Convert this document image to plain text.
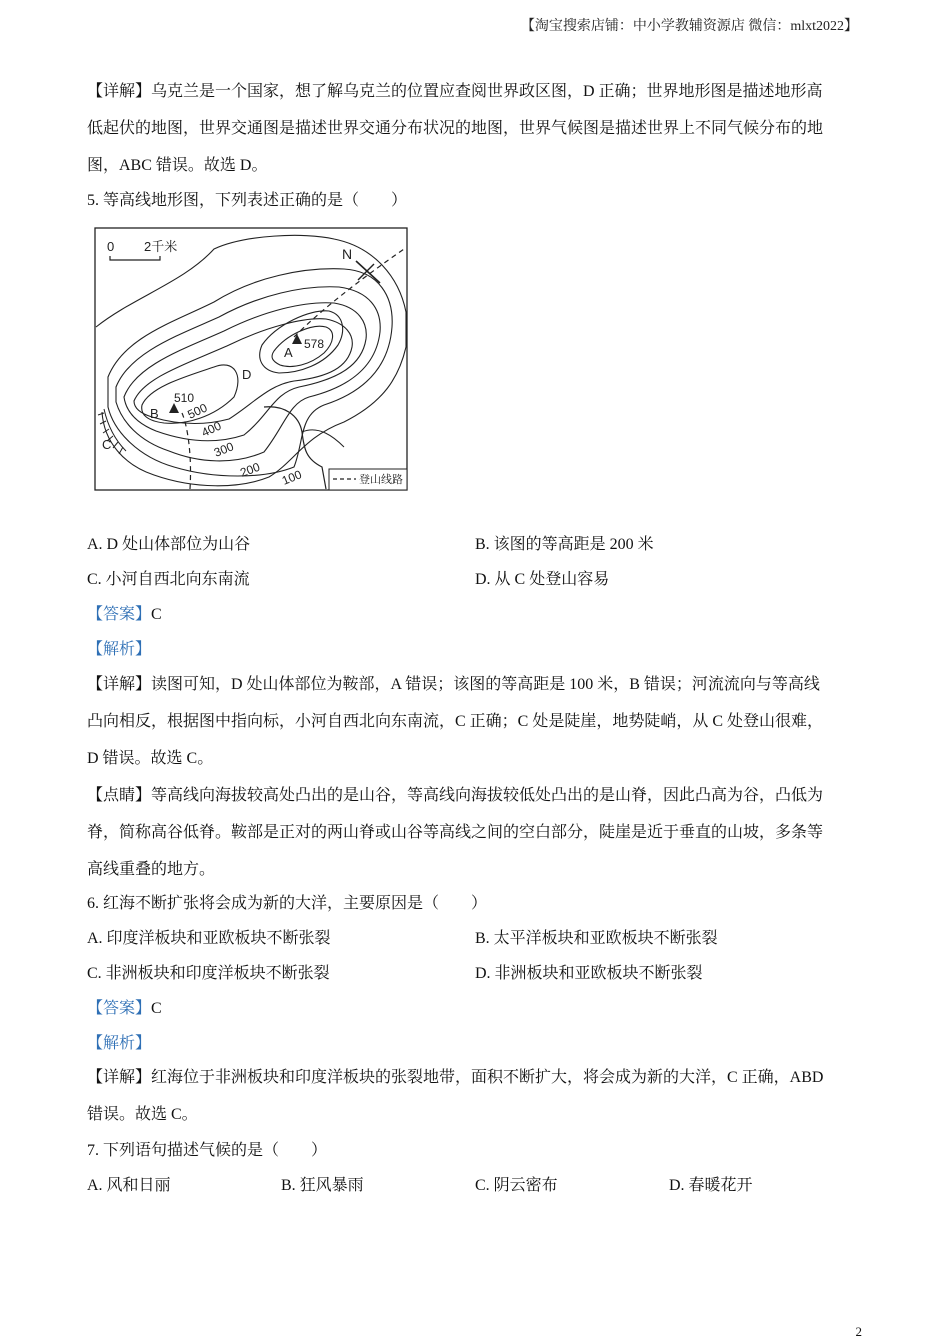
【淘宝搜索店铺：中小学教辅资源店 微信：mlxt2022】
【详解】乌克兰是一个国家，想了解乌克兰的位置应查阅世界政区图，D 正确；世界地形图是描述地形高
低起伏的地图，世界交通图是描述世界交通分布状况的地图，世界气候图是描述世界上不同气候分布的地
图，ABC 错误。故选 D。
5. 等高线地形图，下列表述正确的是（　　）
0 2千米	N
A
578
B
510
C
D
500
400
300
200 100	登山线路
A. D 处山体部位为山谷	B. 该图的等高距是 200 米
C. 小河自西北向东南流	D. 从 C 处登山容易
【答案】C
【解析】
【详解】读图可知，D 处山体部位为鞍部，A 错误；该图的等高距是 100 米，B 错误；河流流向与等高线
凸向相反，根据图中指向标，小河自西北向东南流，C 正确；C 处是陡崖，地势陡峭，从 C 处登山很难，
D 错误。故选 C。
【点睛】等高线向海拔较高处凸出的是山谷，等高线向海拔较低处凸出的是山脊，因此凸高为谷，凸低为
脊，简称高谷低脊。鞍部是正对的两山脊或山谷等高线之间的空白部分，陡崖是近于垂直的山坡，多条等
高线重叠的地方。
6. 红海不断扩张将会成为新的大洋，主要原因是（　　）
A. 印度洋板块和亚欧板块不断张裂	B. 太平洋板块和亚欧板块不断张裂
C. 非洲板块和印度洋板块不断张裂	D. 非洲板块和亚欧板块不断张裂
【答案】C
【解析】
【详解】红海位于非洲板块和印度洋板块的张裂地带，面积不断扩大，将会成为新的大洋，C 正确，ABD
错误。故选 C。
7. 下列语句描述气候的是（　　）
A. 风和日丽	B. 狂风暴雨	C. 阴云密布	D. 春暖花开
2
